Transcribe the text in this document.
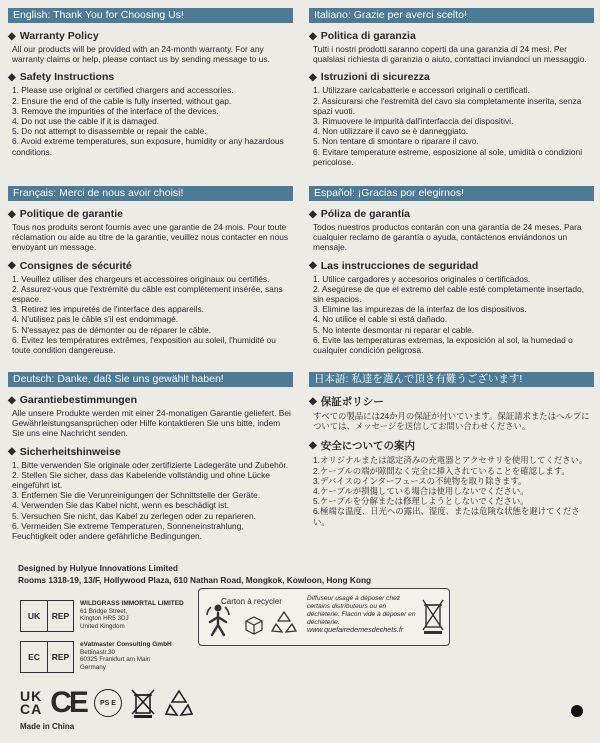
English: Thank You for Choosing Us!
◆ Warranty Policy
All our products will be provided with an 24-month warranty. For any warranty claims or help, please contact us by sending message to us.
◆ Safety Instructions
1. Please use original or certified chargers and accessories.
2. Ensure the end of the cable is fully inserted, without gap.
3. Remove the impurities of the interface of the devices.
4. Do not use the cable if it is damaged.
5. Do not attempt to disassemble or repair the cable.
6. Avoid extreme temperatures, sun exposure, humidity or any hazardous conditions.
Français: Merci de nous avoir choisi!
◆ Politique de garantie
Tous nos produits seront fournis avec une garantie de 24 mois. Pour toute réclamation ou aide au titre de la garantie, veuillez nous contacter en nous envoyant un message.
◆ Consignes de sécurité
1. Veuillez utiliser des chargeurs et accessoires originaux ou certifiés.
2. Assurez-vous que l'extrémité du câble est complètement insérée, sans espace.
3. Retirez les impuretés de l'interface des appareils.
4. N'utilisez pas le câble s'il est endommagé.
5. N'essayez pas de démonter ou de réparer le câble.
6. Évitez les températures extrêmes, l'exposition au soleil, l'humidité ou toute condition dangereuse.
Deutsch: Danke, daß Sie uns gewählt haben!
◆ Garantiebestimmungen
Alle unsere Produkte werden mit einer 24-monatigen Garantie geliefert. Bei Gewährleistungsansprüchen oder Hilfe kontaktieren Sie uns bitte, indem Sie uns eine Nachricht senden.
◆ Sicherheitshinweise
1. Bitte verwenden Sie originale oder zertifizierte Ladegeräte und Zubehör.
2. Stellen Sie sicher, dass das Kabelende vollständig und ohne Lücke eingeführt ist.
3. Entfernen Sie die Verunreinigungen der Schnittstelle der Geräte.
4. Verwenden Sie das Kabel nicht, wenn es beschädigt ist.
5. Versuchen Sie nicht, das Kabel zu zerlegen oder zu reparieren.
6. Vermeiden Sie extreme Temperaturen, Sonneneinstrahlung, Feuchtigkeit oder andere gefährliche Bedingungen.
Italiano: Grazie per averci scelto!
◆ Politica di garanzia
Tutti i nostri prodotti saranno coperti da una garanzia di 24 mesi. Per qualsiasi richiesta di garanzia o aiuto, contattaci inviandoci un messaggio.
◆ Istruzioni di sicurezza
1. Utilizzare caricabatterie e accessori originali o certificati.
2. Assicurarsi che l'estremità del cavo sia completamente inserita, senza spazi vuoti.
3. Rimuovere le impurità dall'interfaccia dei dispositivi.
4. Non utilizzare il cavo se è danneggiato.
5. Non tentare di smontare o riparare il cavo.
6. Evitare temperature estreme, esposizione al sole, umidità o condizioni pericolose.
Español: ¡Gracias por elegirnos!
◆ Póliza de garantía
Todos nuestros productos contarán con una garantía de 24 meses. Para cualquier reclamo de garantía o ayuda, contáctenos enviándonos un mensaje.
◆ Las instrucciones de seguridad
1. Utilice cargadores y accesorios originales o certificados.
2. Asegúrese de que el extremo del cable esté completamente insertado, sin espacios.
3. Elimine las impurezas de la interfaz de los dispositivos.
4. No utilice el cable si está dañado.
5. No intente desmontar ni reparar el cable.
6. Evite las temperaturas extremas, la exposición al sol, la humedad o cualquier condición peligrosa.
日本語: 私達を選んで頂き有難うございます!
◆ 保証ポリシー
すべての製品には24か月の保証が付いています。保証請求またはヘルプについては、メッセージを送信してお問い合わせください。
◆ 安全についての案内
1.オリジナルまたは認定済みの充電器とアクセサリを使用してください。
2.ケーブルの端が隙間なく完全に挿入されていることを確認します。
3.デバイスのインターフェースの不純物を取り除きます。
4.ケーブルが損傷している場合は使用しないでください。
5.ケーブルを分解または修理しようとしないでください。
6.極端な温度、日光への露出、湿度、または危険な状態を避けてください。
Designed by Hulyue Innovations Limited
Rooms 1318-19, 13/F, Hollywood Plaza, 610 Nathan Road, Mongkok, Kowloon, Hong Kong
UK	REP
WILDGRASS IMMORTAL LIMITED
61 Bridge Street,
Kington HR5 3DJ
United Kingdom
EC	REP
eVatmaster Consulting GmbH
Bettinastr.30
60325 Frankfurt am Main
Germany
Carton à recycler	Diffuseur usagé à déposer chez certains distributeurs ou en déchèterie. Flacon vide à déposer en déchèterie.
www.quefairedemesdechets.fr
UK
CA CE PS E
Made in China
